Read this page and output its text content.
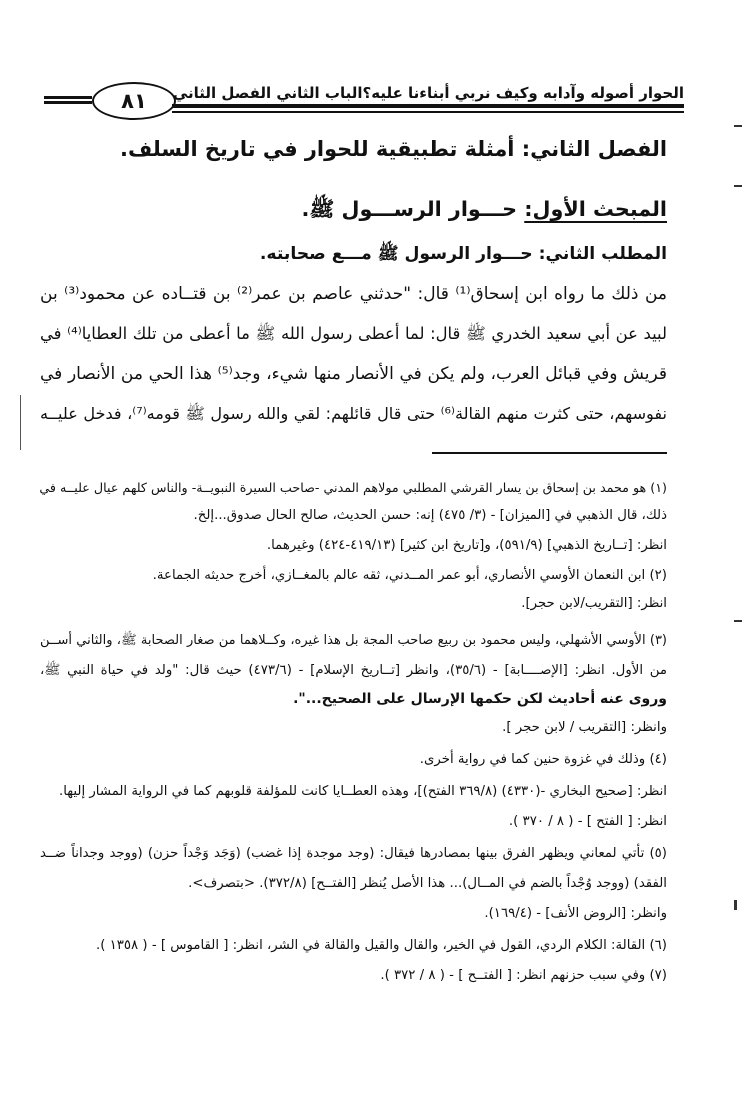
٨١	الحوار أصوله وآدابه وكيف نربي أبناءنا عليه؟
الباب الثاني الفصل الثاني
الفصل الثاني: أمثلة تطبيقية للحوار في تاريخ السلف.
المبحث الأول: حـــوار الرســـول ﷺ.
المطلب الثاني: حـــوار الرسول ﷺ مـــع صحابته.
من ذلك ما رواه ابن إسحاق⁽¹⁾ قال: "حدثني عاصم بن عمر⁽²⁾ بن قتــاده عن محمود⁽³⁾ بن
لبيد عن أبي سعيد الخدري ﷺ قال: لما أعطى رسول الله ﷺ ما أعطى من تلك العطايا⁽⁴⁾ في
قريش وفي قبائل العرب، ولم يكن في الأنصار منها شيء، وجد⁽⁵⁾ هذا الحي من الأنصار في
نفوسهم، حتى كثرت منهم القالة⁽⁶⁾ حتى قال قائلهم: لقي والله رسول ﷺ قومه⁽⁷⁾، فدخل عليــه
(١) هو محمد بن إسحاق بن يسار القرشي المطلبي مولاهم المدني -صاحب السيرة النبويــة- والناس كلهم عيال عليــه في
ذلك، قال الذهبي في [الميزان] - (٣/ ٤٧٥) إنه: حسن الحديث، صالح الحال صدوق...إلخ.
انظر: [تــاريخ الذهبي] (٥٩١/٩)، و[تاريخ ابن كثير] (٤١٩/١٣-٤٢٤) وغيرهما.
(٢) ابن النعمان الأوسي الأنصاري، أبو عمر المــدني، ثقه عالم بالمغــازي، أخرج حديثه الجماعة.
انظر: [التقريب/لابن حجر].
(٣) الأوسي الأشهلي، وليس محمود بن ربيع صاحب المجة بل هذا غيره، وكــلاهما من صغار الصحابة ﷺ، والثاني أســن
من الأول. انظر: [الإصــــابة] - (٣٥/٦)، وانظر [تــاريخ الإسلام] - (٤٧٣/٦) حيث قال: "ولد في حياة النبي ﷺ،
وروى عنه أحاديث لكن حكمها الإرسال على الصحيح...".
وانظر: [التقريب / لابن حجر ].
(٤) وذلك في غزوة حنين كما في رواية أخرى.
انظر: [صحيح البخاري -(٤٣٣٠) (٣٦٩/٨ الفتح)]، وهذه العطــايا كانت للمؤلفة قلوبهم كما في الرواية المشار إليها.
انظر: [ الفتح ] - ( ٨ / ٣٧٠ ).
(٥) تأتي لمعاني ويظهر الفرق بينها بمصادرها فيقال: (وجد موجدة إذا غضب) (وَجَد وَجْداً حزن) (ووجد وجداناً ضــد
الفقد) (ووجد وُجْداً بالضم في المــال)... هذا الأصل يُنظر [الفتــح] (٣٧٢/٨). <بتصرف>.
وانظر: [الروض الأنف] - (١٦٩/٤).
(٦) القالة: الكلام الردي، القول في الخير، والقال والقيل والقالة في الشر، انظر: [ القاموس ] - ( ١٣٥٨ ).
(٧) وفي سبب حزنهم انظر: [ الفتــح ] - ( ٨ / ٣٧٢ ).
